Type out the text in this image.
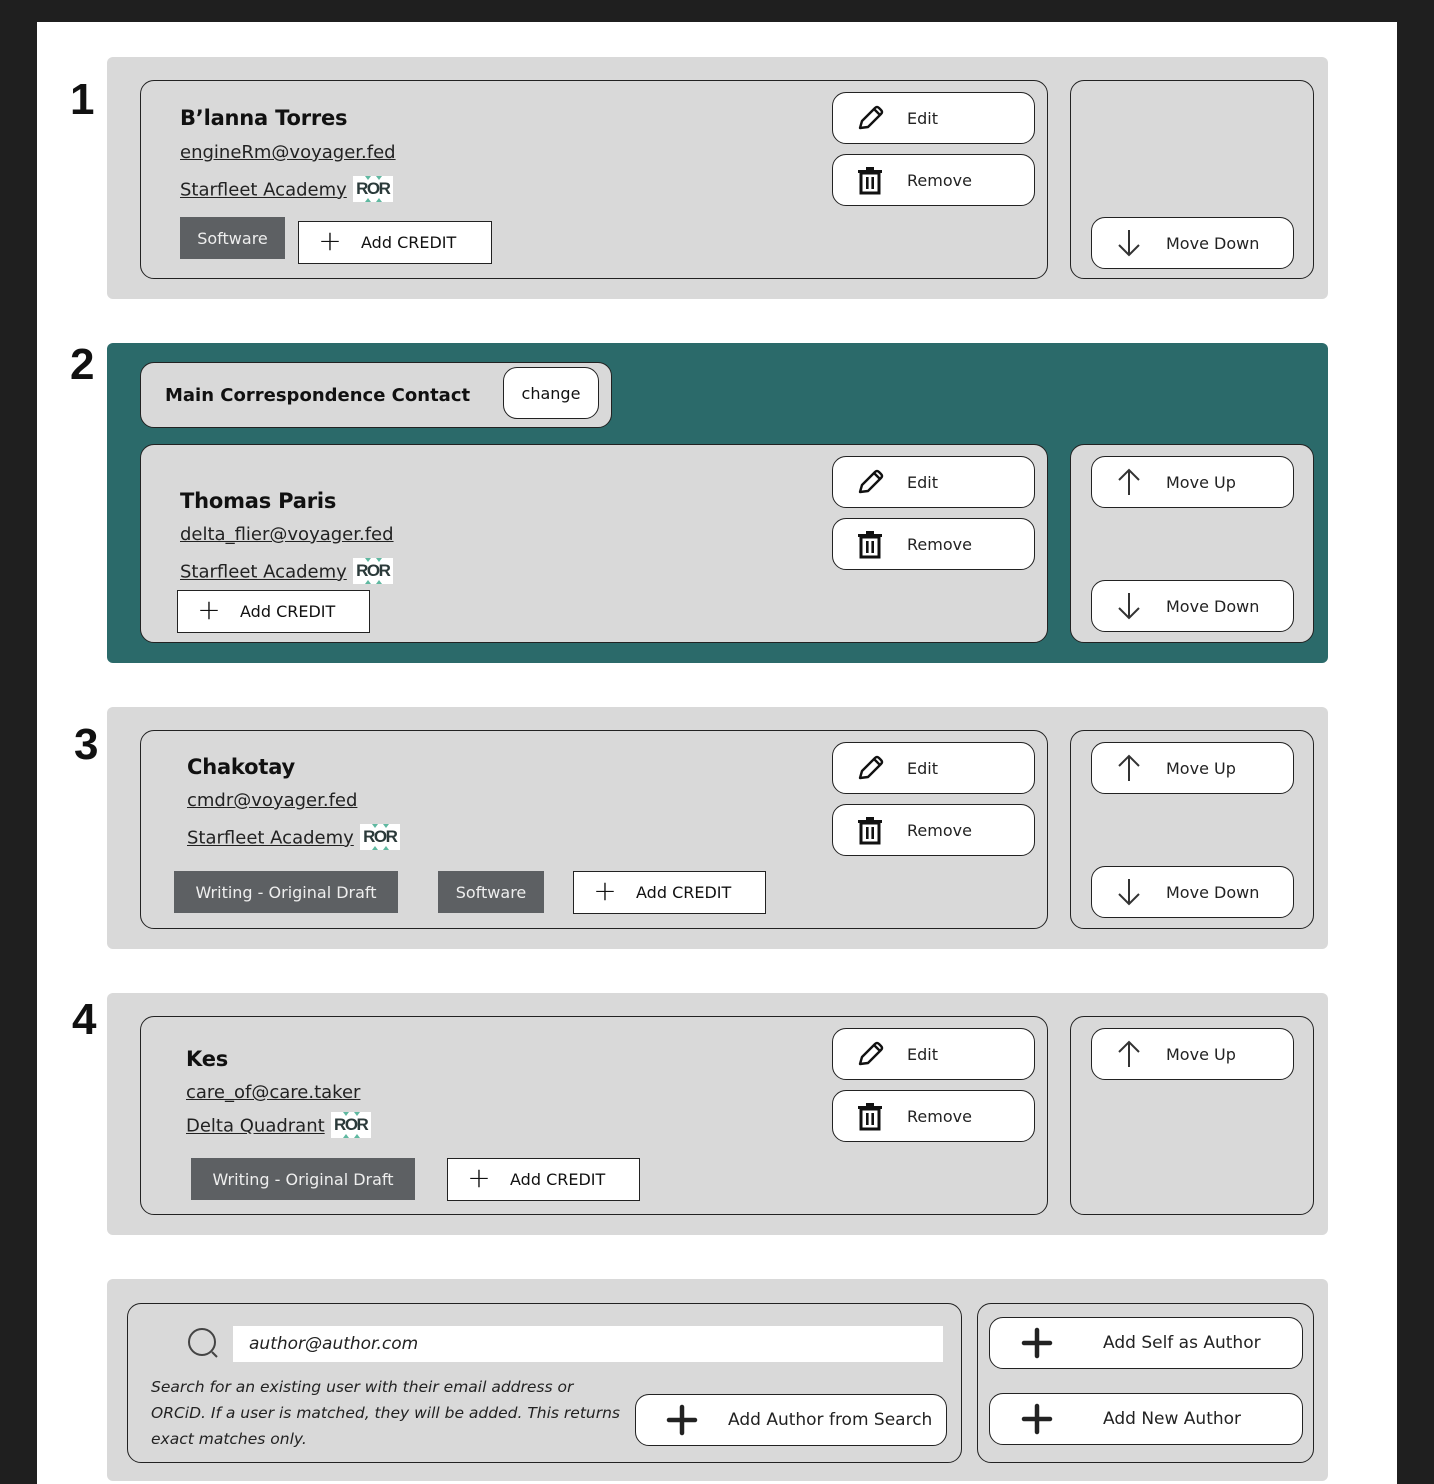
1	B’lanna Torres
engineRm@voyager.fed
Starfleet Academy ROR
Software	+	Add CREDIT
Edit
Remove
Move Down
2
Main Correspondence Contact	change
Thomas Paris
delta_flier@voyager.fed
Starfleet Academy ROR
+	Add CREDIT
Edit
Remove
Move Up
Move Down
3	Chakotay
cmdr@voyager.fed
Starfleet Academy ROR
Writing - Original Draft	Software	+	Add CREDIT
Edit
Remove
Move Up
Move Down
4
Kes
care_of@care.taker
Delta Quadrant ROR
Writing - Original Draft	+	Add CREDIT
Edit
Remove
Move Up
author@author.com
Search for an existing user with their email address or ORCiD. If a user is matched, they will be added. This returns exact matches only.
Add Author from Search
Add Self as Author
Add New Author
